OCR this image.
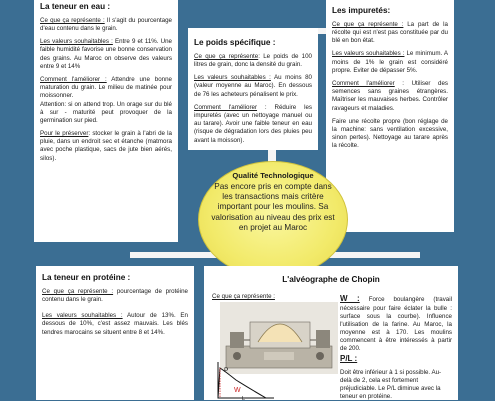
La teneur en eau :
Ce que ça représente : Il s'agit du pourcentage d'eau contenu dans le grain.
Les valeurs souhaitables : Entre 9 et 11%. Une faible humidité favorise une bonne conservation des grains. Au Maroc on observe des valeurs entre 9 et 14%
Comment l'améliorer : Attendre une bonne maturation du grain. Le milieu de matinée pour moissonner.
Attention: si on attend trop. Un orage sur du blé à sur - maturité peut provoquer de la germination sur pied.
Pour le préserver: stocker le grain à l'abri de la pluie, dans un endroit sec et étanche (matmora avec poche plastique, sacs de jute bien aérés, silos).
Le poids spécifique :
Ce que ça représente: Le poids de 100 litres de grain, donc la densité du grain.
Les valeurs souhaitables : Au moins 80 (valeur moyenne au Maroc). En dessous de 76 les acheteurs pénalisent le prix.
Comment l'améliorer : Réduire les impuretés (avec un nettoyage manuel ou au tarare). Avoir une faible teneur en eau (risque de dégradation lors des pluies peu avant la moisson).
Les impuretés:
Ce que ça représente : La part de la récolte qui est n'est pas constituée par du blé en bon état.
Les valeurs souhaitables : Le minimum. A moins de 1% le grain est considéré propre. Eviter de dépasser 5%.
Comment l'améliorer : Utiliser des semences sans graines étrangères. Maîtriser les mauvaises herbes. Contrôler ravageurs et maladies.
Faire une récolte propre (bon réglage de la machine: sans ventilation excessive, sinon pertes). Nettoyage au tarare après la récolte.
Qualité Technologique
Pas encore pris en compte dans les transactions mais critère important pour les moulins. Sa valorisation au niveau des prix est en projet au Maroc
La teneur en protéine :
Ce que ça représente : pourcentage de protéine contenu dans le grain.
Les valeurs souhaitables : Autour de 13%. En dessous de 10%, c'est assez mauvais. Les blés tendres marocains se situent entre 8 et 14%.
L'alvéographe de Chopin
Ce que ça représente :
P
W
L
W : Force boulangère (travail nécessaire pour faire éclater la bulle : surface sous la courbe). Influence l'utilisation de la farine. Au Maroc, la moyenne est à 170. Les moulins commencent à être intéressés à partir de 200.
P/L :
Doit être inférieur à 1 si possible. Au-delà de 2, cela est fortement préjudiciable. Le P/L diminue avec la teneur en protéine.
